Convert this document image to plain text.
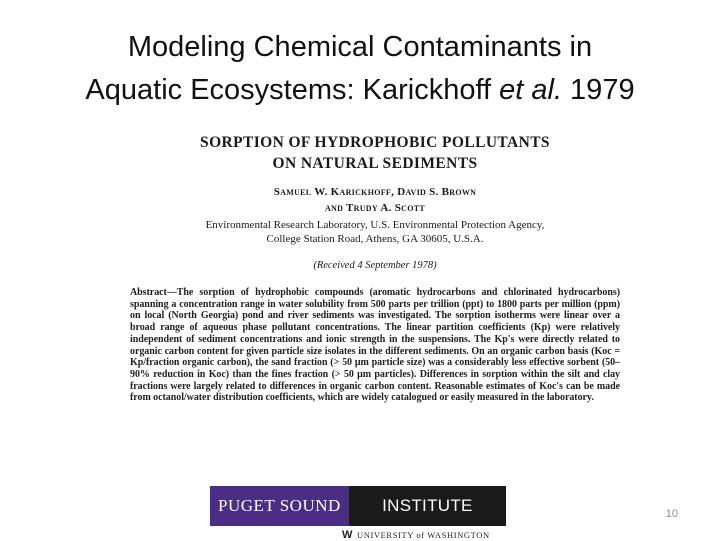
Modeling Chemical Contaminants in
Aquatic Ecosystems: Karickhoff et al. 1979
SORPTION OF HYDROPHOBIC POLLUTANTS
ON NATURAL SEDIMENTS
Samuel W. Karickhoff, David S. Brown
and Trudy A. Scott
Environmental Research Laboratory, U.S. Environmental Protection Agency,
College Station Road, Athens, GA 30605, U.S.A.
(Received 4 September 1978)
Abstract—The sorption of hydrophobic compounds (aromatic hydrocarbons and chlorinated hydrocarbons) spanning a concentration range in water solubility from 500 parts per trillion (ppt) to 1800 parts per million (ppm) on local (North Georgia) pond and river sediments was investigated. The sorption isotherms were linear over a broad range of aqueous phase pollutant concentrations. The linear partition coefficients (Kp) were relatively independent of sediment concentrations and ionic strength in the suspensions. The Kp's were directly related to organic carbon content for given particle size isolates in the different sediments. On an organic carbon basis (Koc = Kp/fraction organic carbon), the sand fraction (> 50 μm particle size) was a considerably less effective sorbent (50–90% reduction in Koc) than the fines fraction (> 50 μm particles). Differences in sorption within the silt and clay fractions were largely related to differences in organic carbon content. Reasonable estimates of Koc's can be made from octanol/water distribution coefficients, which are widely catalogued or easily measured in the laboratory.
PUGET SOUND	INSTITUTE
W UNIVERSITY of WASHINGTON
10
